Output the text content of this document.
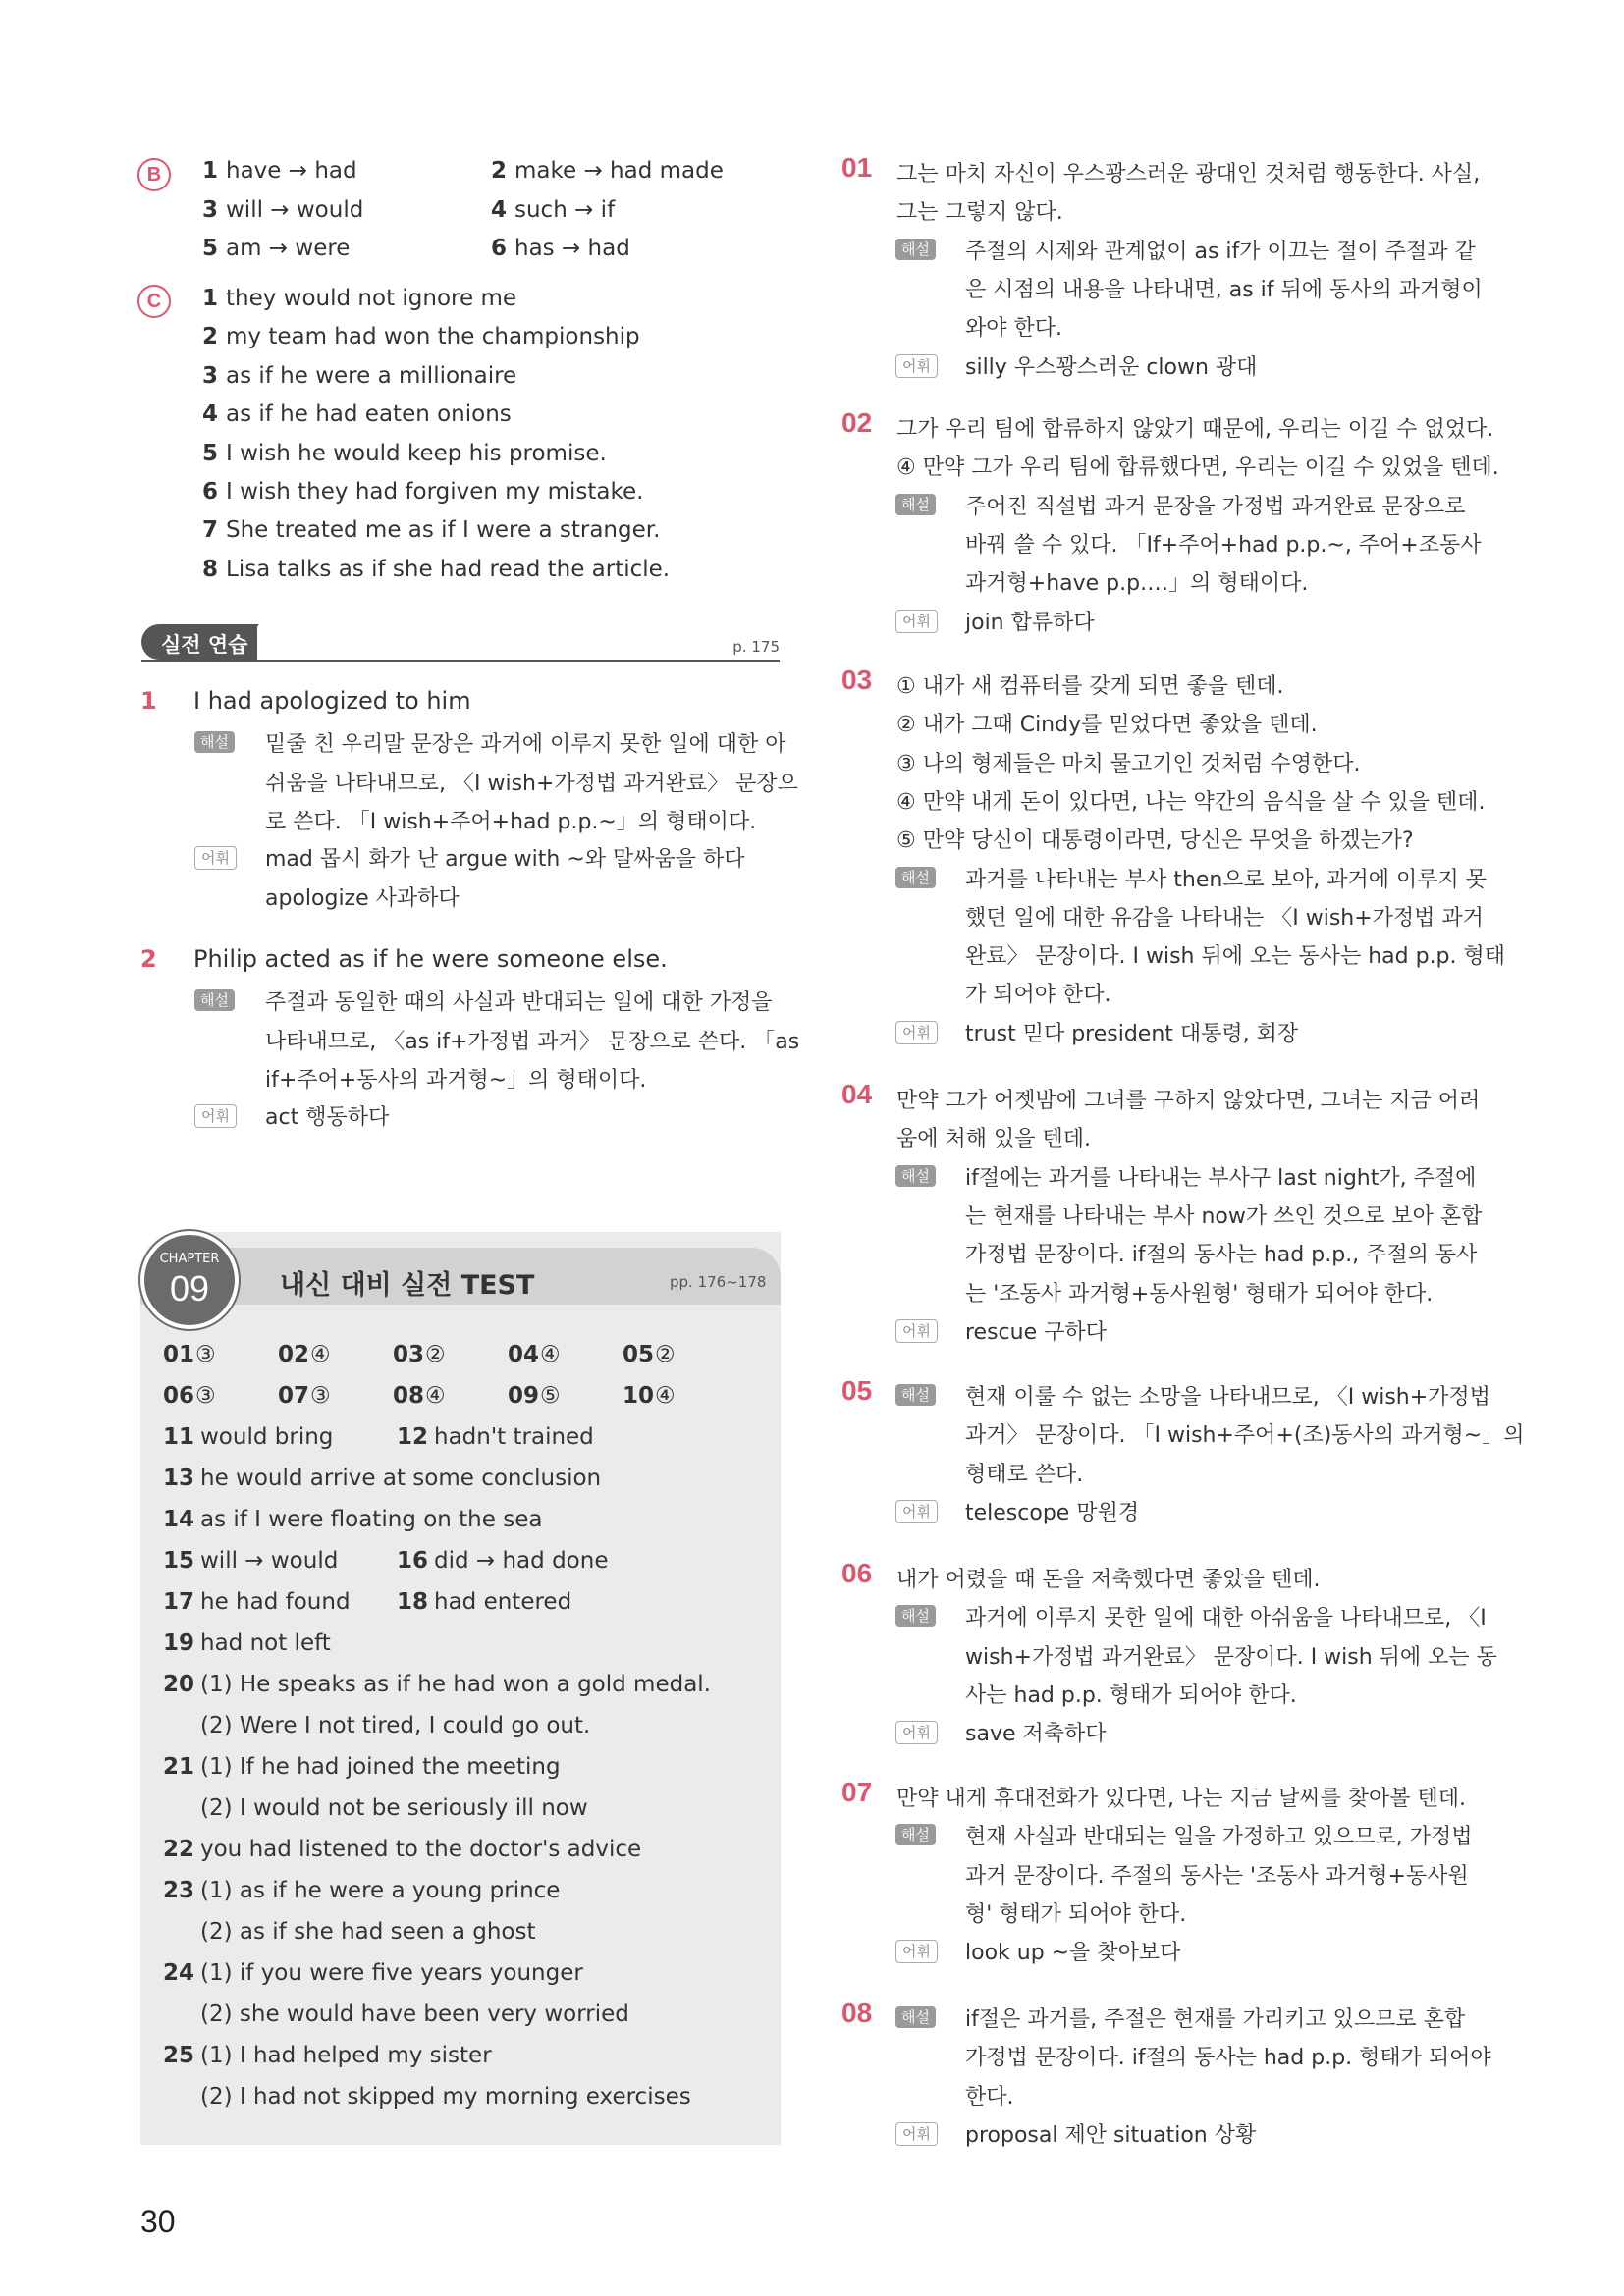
B	1 have → had	2 make → had made
3 will → would	4 such → if
5 am → were	6 has → had
C	1 they would not ignore me
2 my team had won the championship
3 as if he were a millionaire
4 as if he had eaten onions
5 I wish he would keep his promise.
6 I wish they had forgiven my mistake.
7 She treated me as if I were a stranger.
8 Lisa talks as if she had read the article.
실전 연습	p. 175
1 I had apologized to him
해설 밑줄 친 우리말 문장은 과거에 이루지 못한 일에 대한 아
쉬움을 나타내므로, 〈I wish+가정법 과거완료〉 문장으
로 쓴다. 「I wish+주어+had p.p.~」의 형태이다.
어휘	mad 몹시 화가 난 argue with ~와 말싸움을 하다
apologize 사과하다
2 Philip acted as if he were someone else.
해설 주절과 동일한 때의 사실과 반대되는 일에 대한 가정을
나타내므로, 〈as if+가정법 과거〉 문장으로 쓴다. 「as
if+주어+동사의 과거형~」의 형태이다.
어휘	act 행동하다
CHAPTER
09	내신 대비 실전 TEST	pp. 176~178
01 ③	02 ④	03 ②	04 ④	05 ②
06 ③	07 ③	08 ④	09 ⑤	10 ④
11 would bring	12 hadn't trained
13 he would arrive at some conclusion
14 as if I were floating on the sea
15 will → would	16 did → had done
17 he had found 18 had entered
19 had not left
20 (1) He speaks as if he had won a gold medal.
(2) Were I not tired, I could go out.
21 (1) If he had joined the meeting
(2) I would not be seriously ill now
22 you had listened to the doctor's advice
23 (1) as if he were a young prince
(2) as if she had seen a ghost
24 (1) if you were five years younger
(2) she would have been very worried
25 (1) I had helped my sister
(2) I had not skipped my morning exercises
30
01 그는 마치 자신이 우스꽝스러운 광대인 것처럼 행동한다. 사실,
그는 그렇지 않다.
해설 주절의 시제와 관계없이 as if가 이끄는 절이 주절과 같
은 시점의 내용을 나타내면, as if 뒤에 동사의 과거형이
와야 한다.
어휘	silly 우스꽝스러운 clown 광대
02 그가 우리 팀에 합류하지 않았기 때문에, 우리는 이길 수 없었다.
④ 만약 그가 우리 팀에 합류했다면, 우리는 이길 수 있었을 텐데.
해설 주어진 직설법 과거 문장을 가정법 과거완료 문장으로
바꿔 쓸 수 있다. 「If+주어+had p.p.~, 주어+조동사
과거형+have p.p.…」의 형태이다.
어휘	join 합류하다
03 ① 내가 새 컴퓨터를 갖게 되면 좋을 텐데.
② 내가 그때 Cindy를 믿었다면 좋았을 텐데.
③ 나의 형제들은 마치 물고기인 것처럼 수영한다.
④ 만약 내게 돈이 있다면, 나는 약간의 음식을 살 수 있을 텐데.
⑤ 만약 당신이 대통령이라면, 당신은 무엇을 하겠는가?
해설 과거를 나타내는 부사 then으로 보아, 과거에 이루지 못
했던 일에 대한 유감을 나타내는 〈I wish+가정법 과거
완료〉 문장이다. I wish 뒤에 오는 동사는 had p.p. 형태
가 되어야 한다.
어휘	trust 믿다 president 대통령, 회장
04 만약 그가 어젯밤에 그녀를 구하지 않았다면, 그녀는 지금 어려
움에 처해 있을 텐데.
해설 if절에는 과거를 나타내는 부사구 last night가, 주절에
는 현재를 나타내는 부사 now가 쓰인 것으로 보아 혼합
가정법 문장이다. if절의 동사는 had p.p., 주절의 동사
는 '조동사 과거형+동사원형' 형태가 되어야 한다.
어휘	rescue 구하다
05	해설 현재 이룰 수 없는 소망을 나타내므로, 〈I wish+가정법
과거〉 문장이다. 「I wish+주어+(조)동사의 과거형~」의
형태로 쓴다.
어휘	telescope 망원경
06 내가 어렸을 때 돈을 저축했다면 좋았을 텐데.
해설 과거에 이루지 못한 일에 대한 아쉬움을 나타내므로, 〈I
wish+가정법 과거완료〉 문장이다. I wish 뒤에 오는 동
사는 had p.p. 형태가 되어야 한다.
어휘	save 저축하다
07 만약 내게 휴대전화가 있다면, 나는 지금 날씨를 찾아볼 텐데.
해설 현재 사실과 반대되는 일을 가정하고 있으므로, 가정법
과거 문장이다. 주절의 동사는 '조동사 과거형+동사원
형' 형태가 되어야 한다.
어휘	look up ~을 찾아보다
08	해설 if절은 과거를, 주절은 현재를 가리키고 있으므로 혼합
가정법 문장이다. if절의 동사는 had p.p. 형태가 되어야
한다.
어휘	proposal 제안 situation 상황
